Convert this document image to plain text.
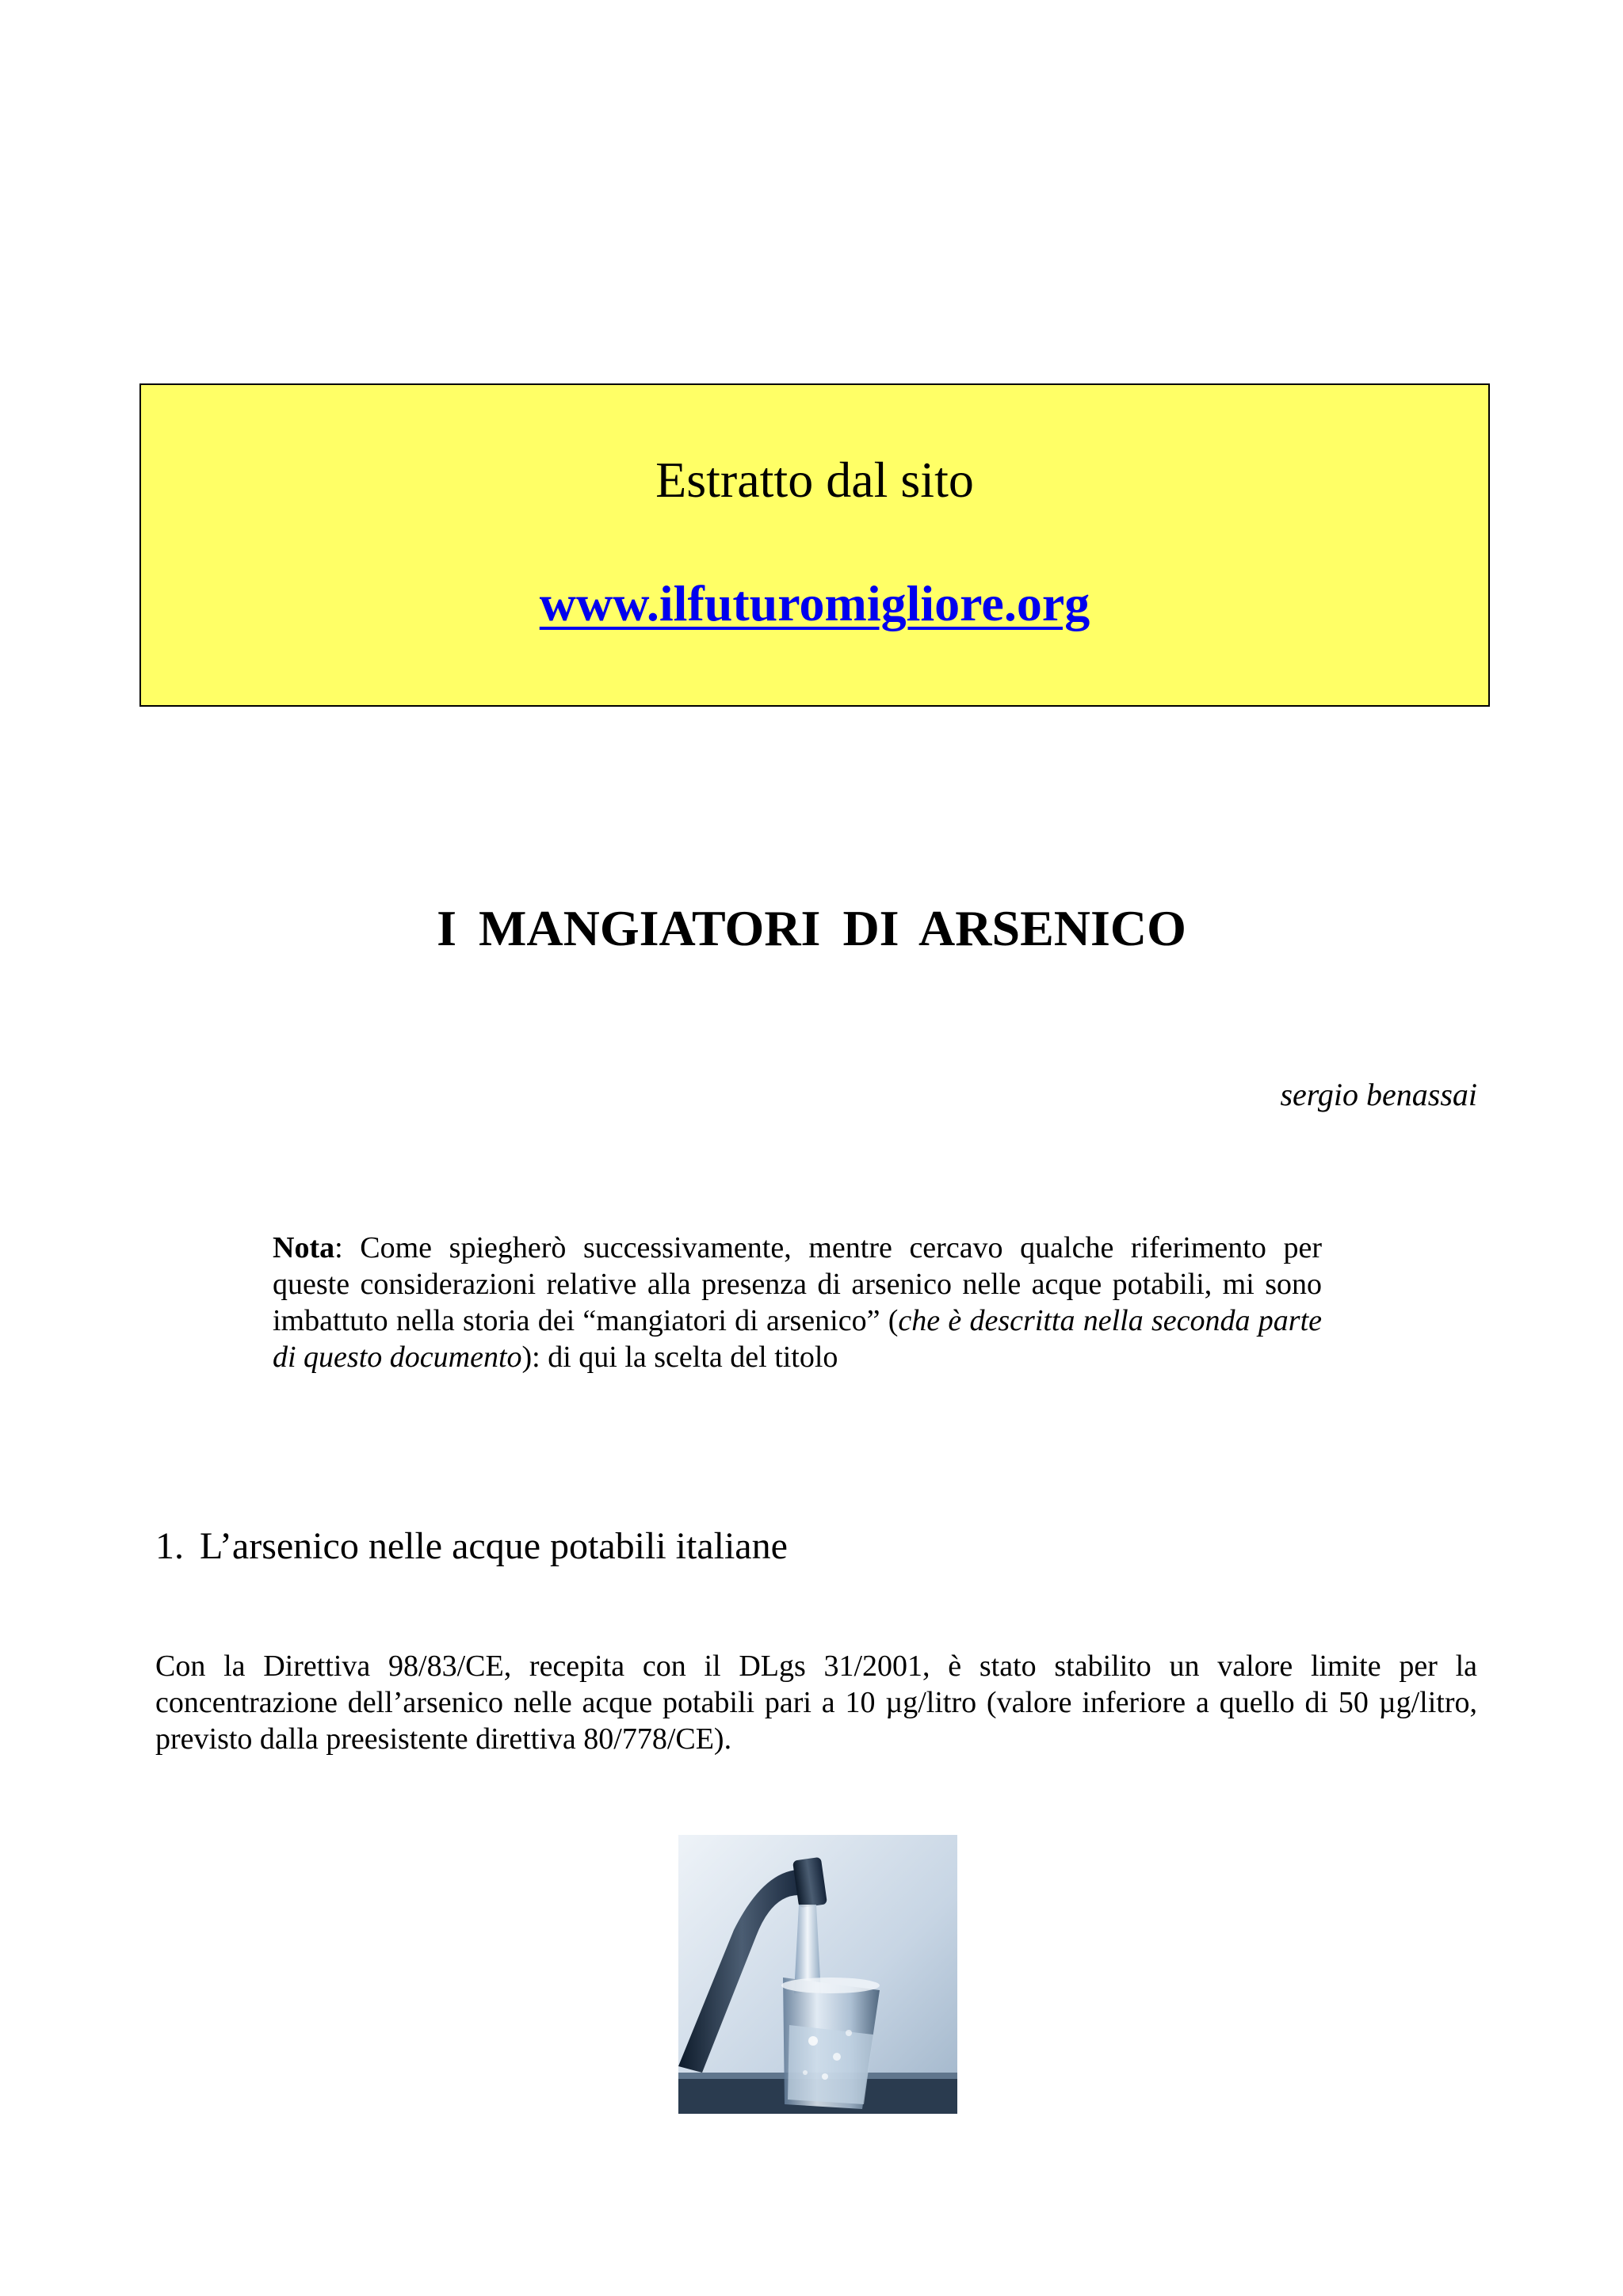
Estratto dal sito
www.ilfuturomigliore.org
I MANGIATORI DI ARSENICO
sergio benassai
Nota: Come spiegherò successivamente, mentre cercavo qualche riferimento per queste considerazioni relative alla presenza di arsenico nelle acque potabili, mi sono imbattuto nella storia dei “mangiatori di arsenico” (che è descritta nella seconda parte di questo documento): di qui la scelta del titolo
1. L’arsenico nelle acque potabili italiane
Con la Direttiva 98/83/CE, recepita con il DLgs 31/2001, è stato stabilito un valore limite per la concentrazione dell’arsenico nelle acque potabili pari a 10 µg/litro (valore inferiore a quello di 50 µg/litro, previsto dalla preesistente direttiva 80/778/CE).
